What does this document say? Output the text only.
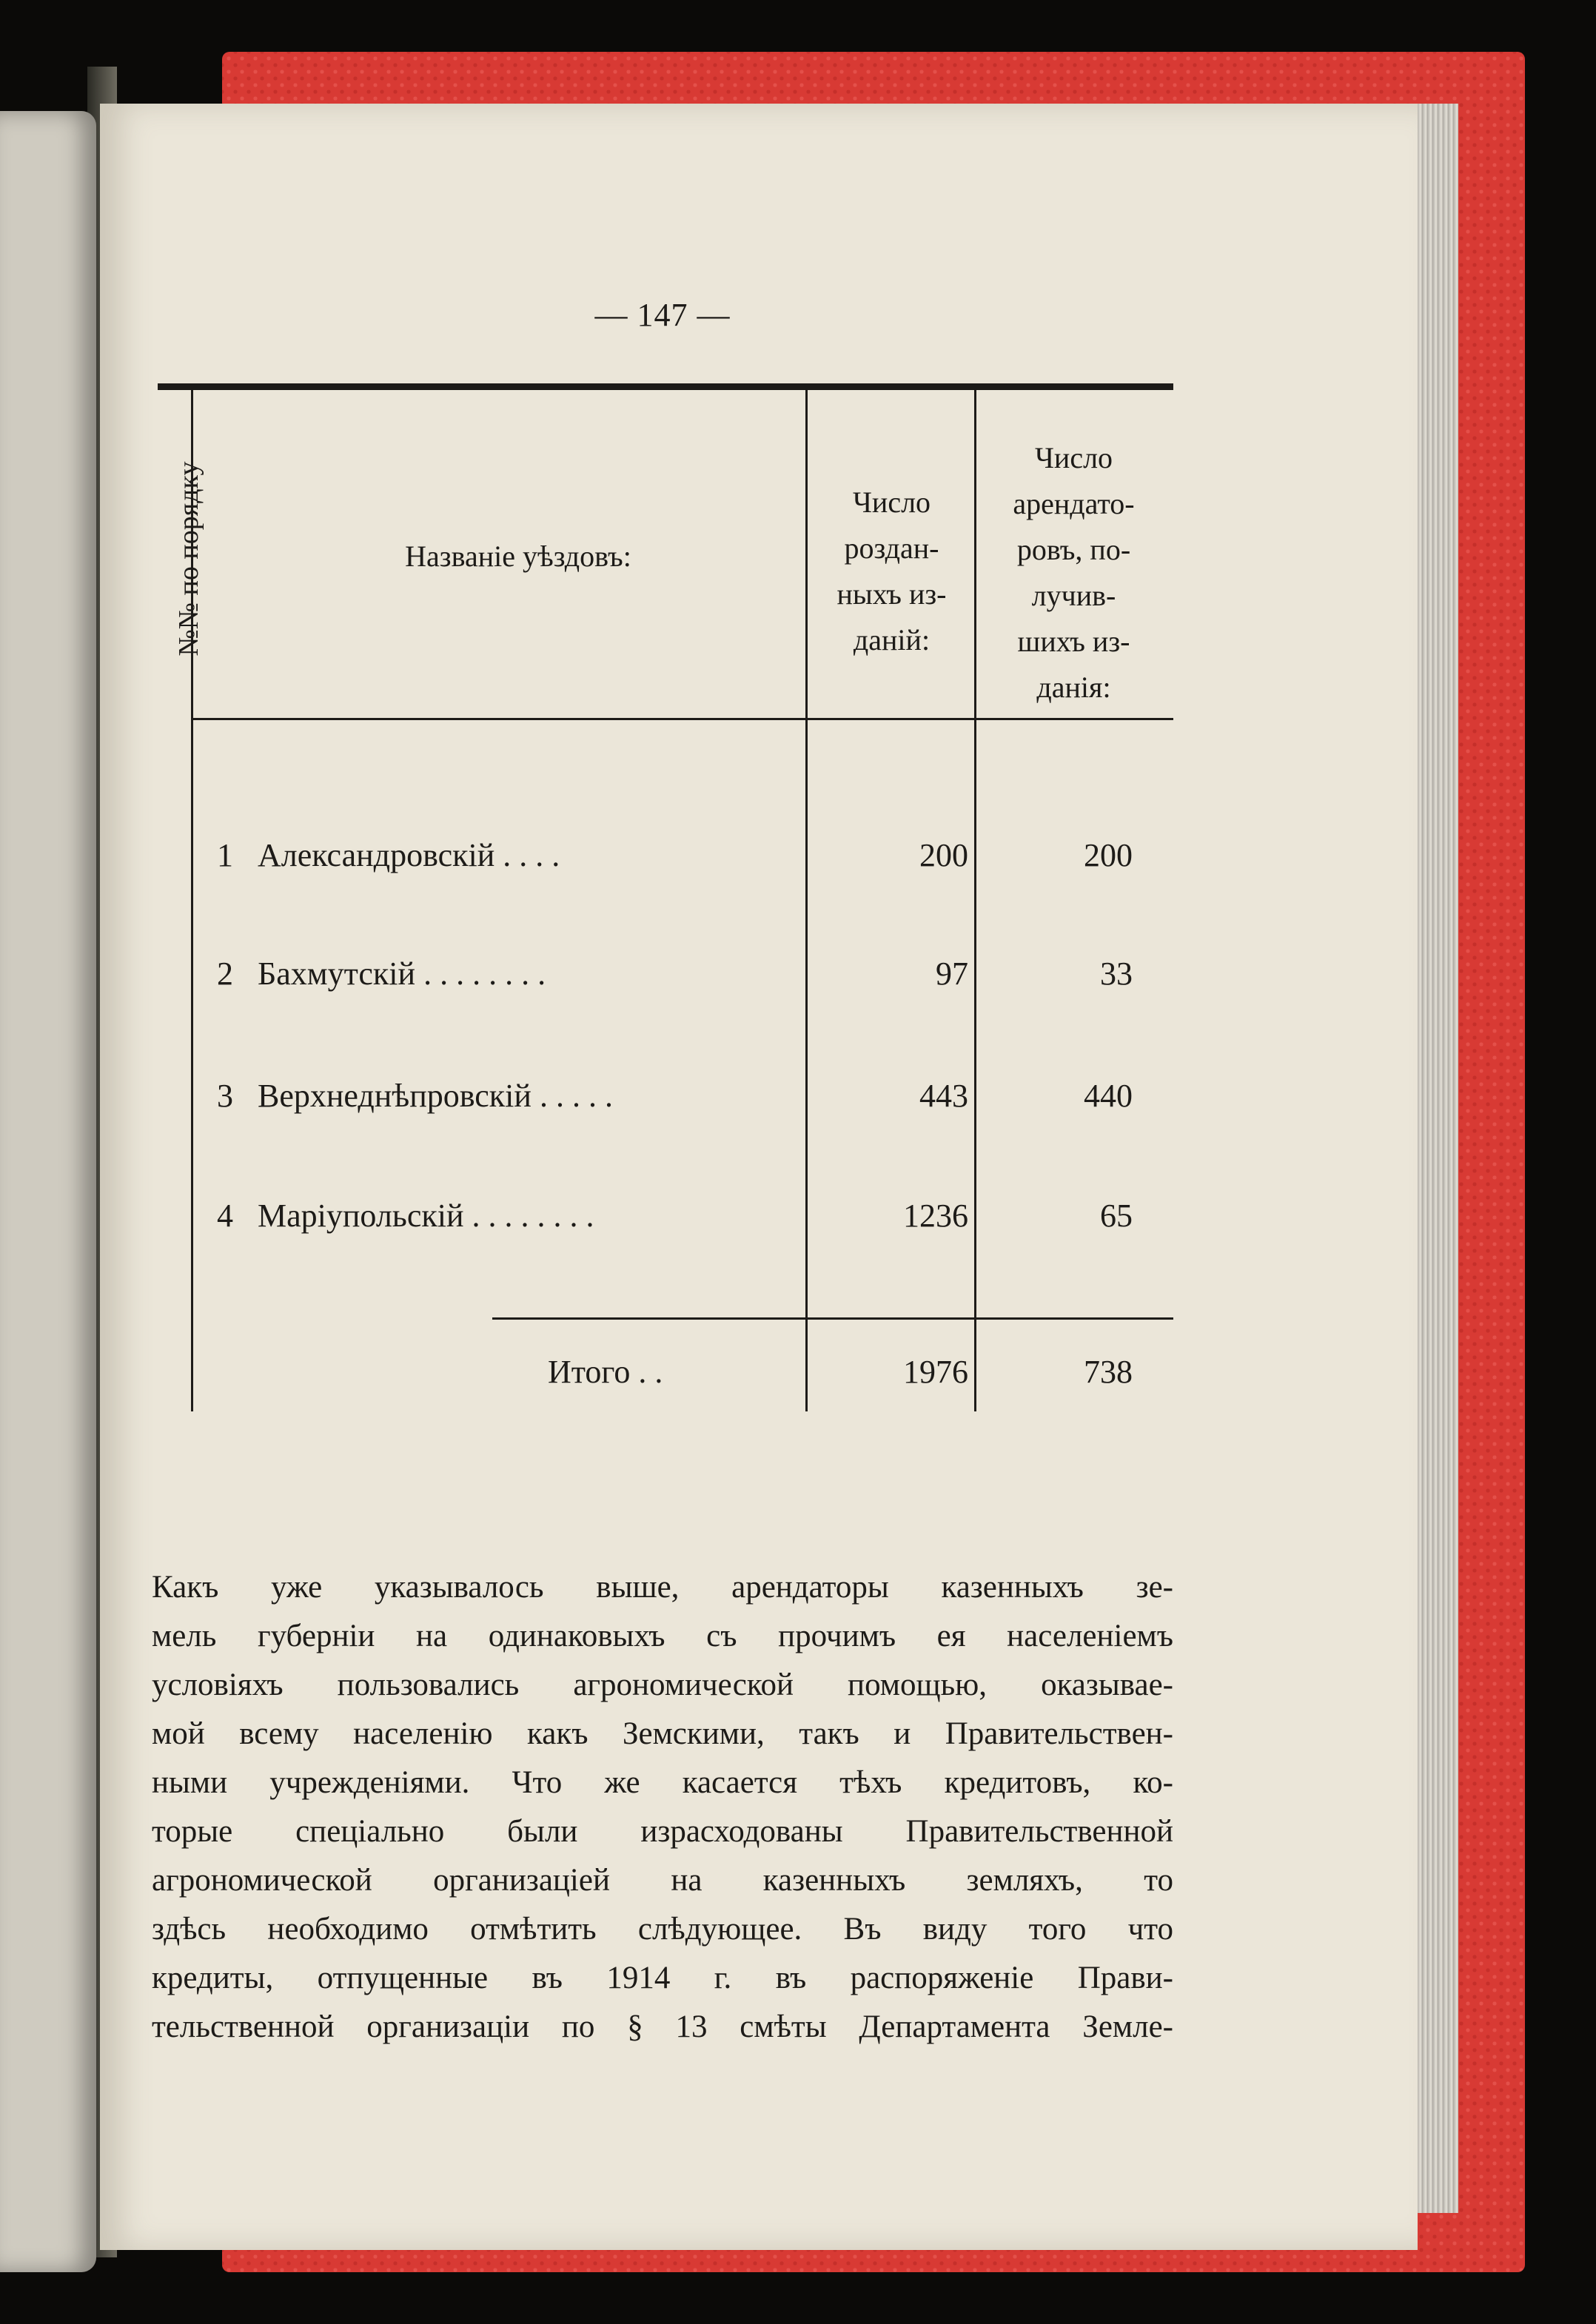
— 147 —
№№ по порядку	Названіе уѣздовъ:
Число
роздан-
ныхъ из-
даній:
Число
арендато-
ровъ, по-
лучив-
шихъ из-
данія:
1 Александровскій . . . .	200	200
2 Бахмутскій . . . . . . . .	97	33
3 Верхнеднѣпровскій . . . . .	443	440
4 Маріупольскій . . . . . . . .	1236	65
Итого . .	1976	738
Какъ уже указывалось выше, арендаторы казенныхъ зе-
мель губерніи на одинаковыхъ съ прочимъ ея населеніемъ
условіяхъ пользовались агрономической помощью, оказывае-
мой всему населенію какъ Земскими, такъ и Правительствен-
ными учрежденіями. Что же касается тѣхъ кредитовъ, ко-
торые спеціально были израсходованы Правительственной
агрономической организаціей на казенныхъ земляхъ, то
здѣсь необходимо отмѣтить слѣдующее. Въ виду того что
кредиты, отпущенные въ 1914 г. въ распоряженіе Прави-
тельственной организаціи по § 13 смѣты Департамента Земле-
